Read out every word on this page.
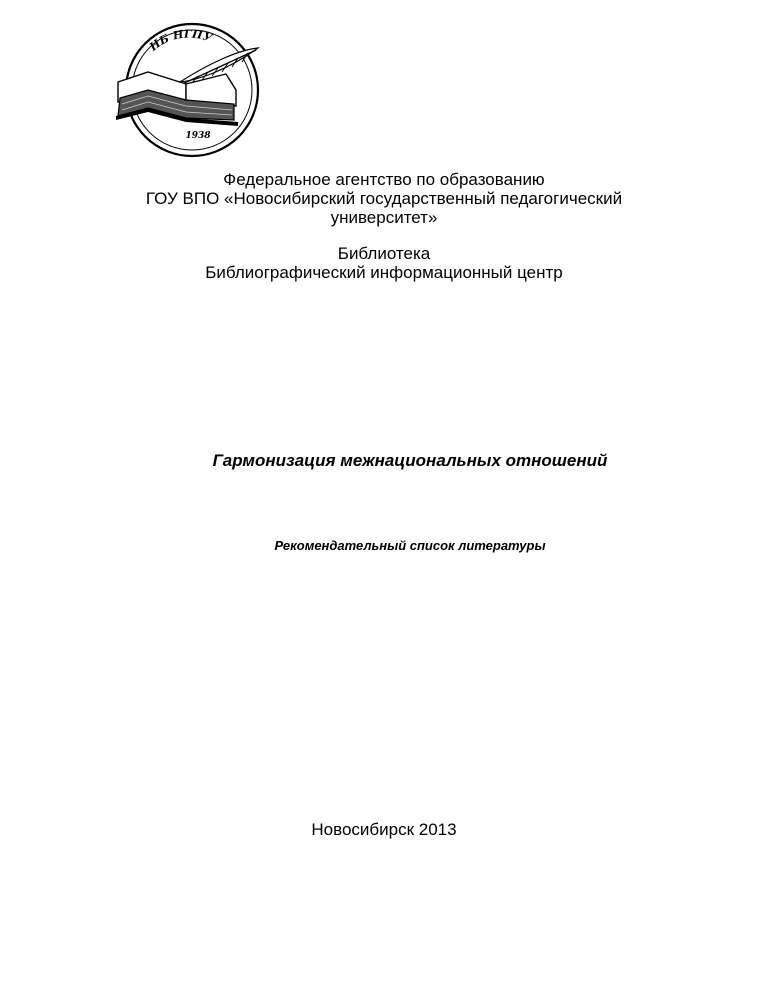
НБ НГПУ
1938
Федеральное агентство по образованию
ГОУ ВПО «Новосибирский государственный педагогический
университет»
Библиотека
Библиографический информационный центр
Гармонизация межнациональных отношений
Рекомендательный список литературы
Новосибирск 2013
